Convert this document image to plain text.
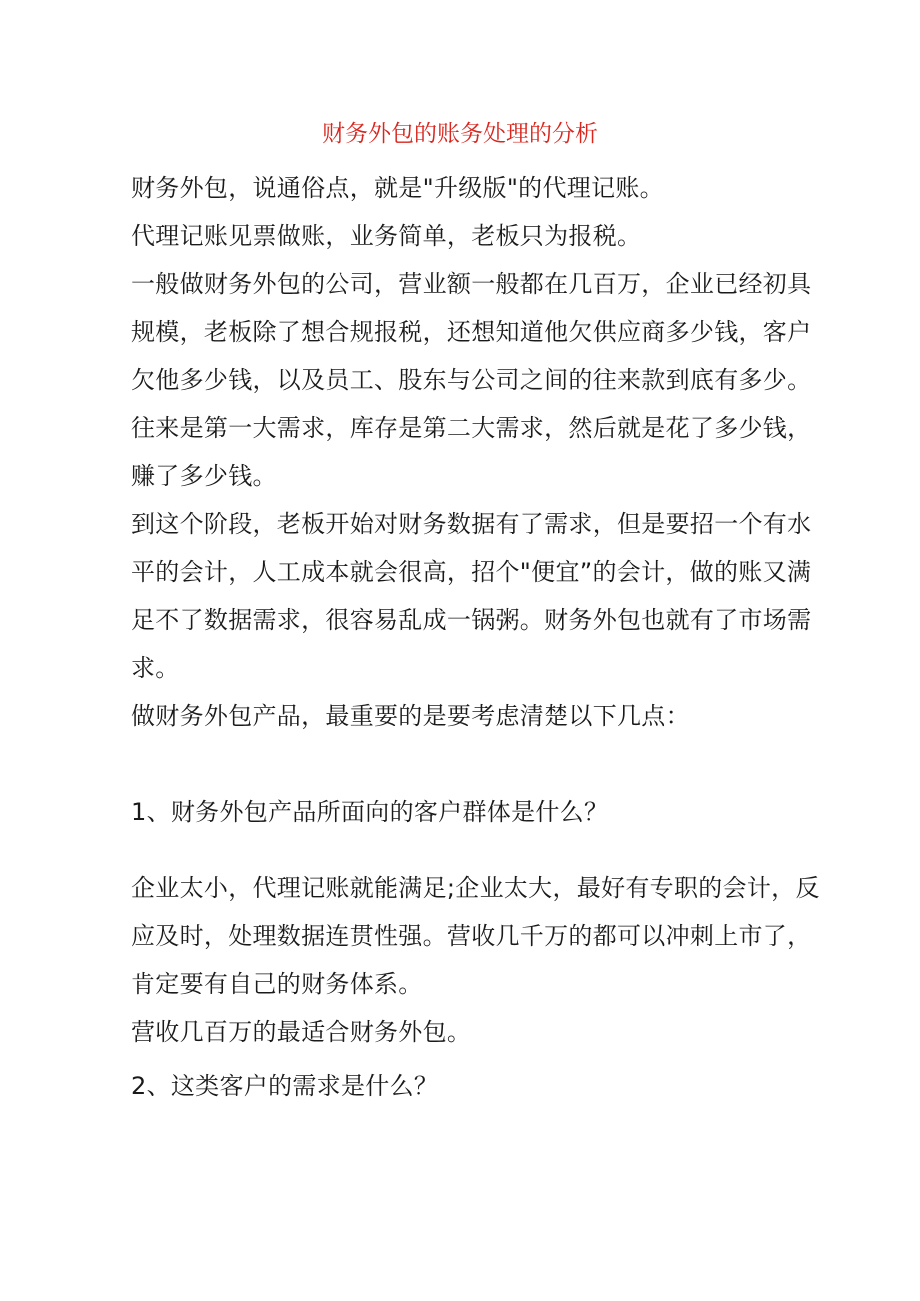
财务外包的账务处理的分析

财务外包，说通俗点，就是"升级版"的代理记账。

代理记账见票做账，业务简单，老板只为报税。

一般做财务外包的公司，营业额一般都在几百万，企业已经初具规模，老板除了想合规报税，还想知道他欠供应商多少钱，客户欠他多少钱，以及员工、股东与公司之间的往来款到底有多少。

往来是第一大需求，库存是第二大需求，然后就是花了多少钱，赚了多少钱。

到这个阶段，老板开始对财务数据有了需求，但是要招一个有水平的会计，人工成本就会很高，招个"便宜”的会计，做的账又满足不了数据需求，很容易乱成一锅粥。财务外包也就有了市场需求。

做财务外包产品，最重要的是要考虑清楚以下几点：

1、财务外包产品所面向的客户群体是什么？

企业太小，代理记账就能满足;企业太大，最好有专职的会计，反应及时，处理数据连贯性强。营收几千万的都可以冲刺上市了，肯定要有自己的财务体系。

营收几百万的最适合财务外包。

2、这类客户的需求是什么？
